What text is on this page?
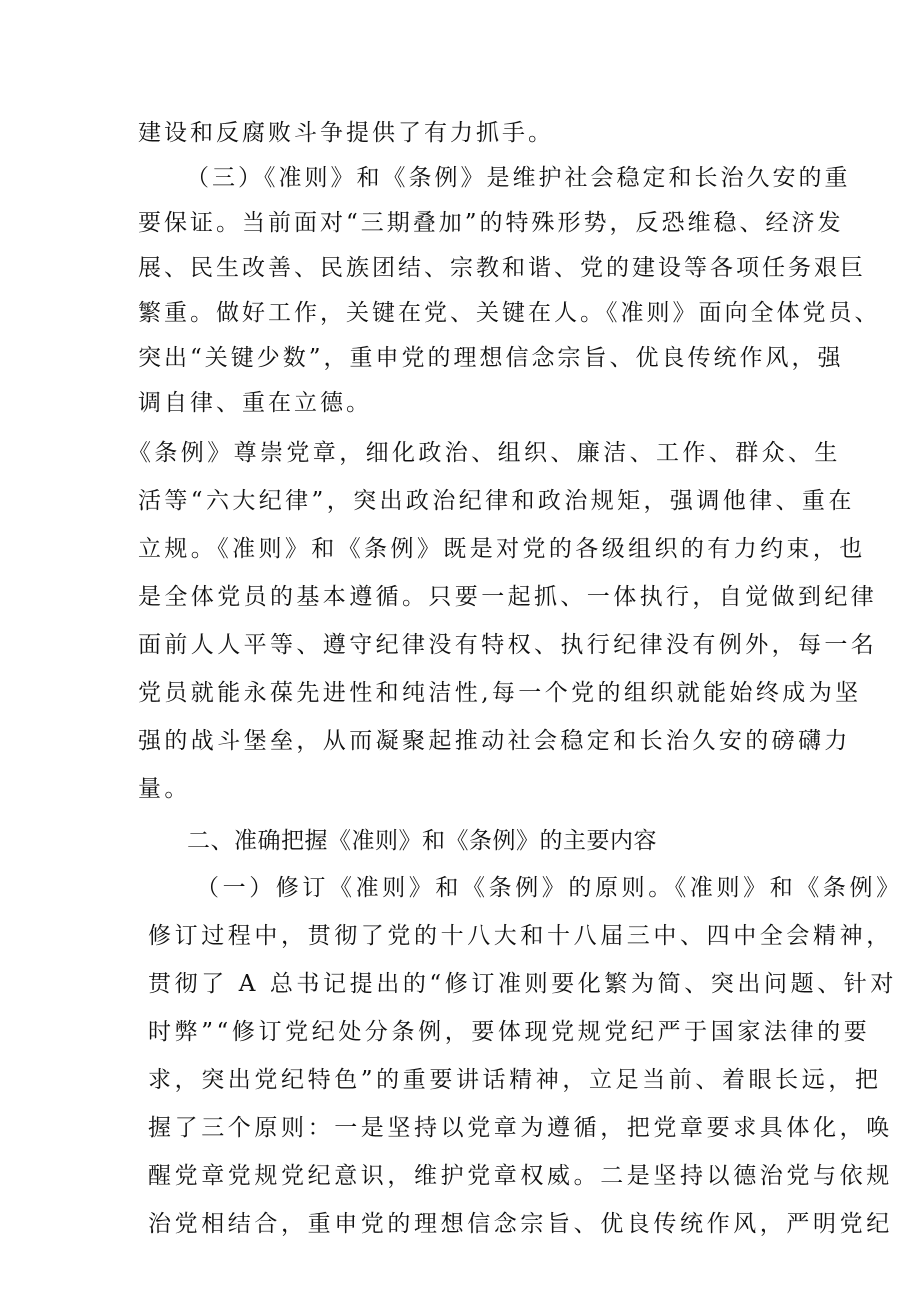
建设和反腐败斗争提供了有力抓手。
（三）《准则》和《条例》是维护社会稳定和长治久安的重
要保证。当前面对“三期叠加”的特殊形势，反恐维稳、经济发
展、民生改善、民族团结、宗教和谐、党的建设等各项任务艰巨
繁重。做好工作，关键在党、关键在人。《准则》面向全体党员、
突出“关键少数”，重申党的理想信念宗旨、优良传统作风，强
调自律、重在立德。
《条例》尊崇党章，细化政治、组织、廉洁、工作、群众、生
活等“六大纪律”，突出政治纪律和政治规矩，强调他律、重在
立规。《准则》和《条例》既是对党的各级组织的有力约束，也
是全体党员的基本遵循。只要一起抓、一体执行，自觉做到纪律
面前人人平等、遵守纪律没有特权、执行纪律没有例外，每一名
党员就能永葆先进性和纯洁性,每一个党的组织就能始终成为坚
强的战斗堡垒，从而凝聚起推动社会稳定和长治久安的磅礴力
量。
二、准确把握《准则》和《条例》的主要内容
（一）修订《准则》和《条例》的原则。《准则》和《条例》
修订过程中，贯彻了党的十八大和十八届三中、四中全会精神，
贯彻了 A 总书记提出的“修订准则要化繁为简、突出问题、针对
时弊”“修订党纪处分条例，要体现党规党纪严于国家法律的要
求，突出党纪特色”的重要讲话精神，立足当前、着眼长远，把
握了三个原则：一是坚持以党章为遵循，把党章要求具体化，唤
醒党章党规党纪意识，维护党章权威。二是坚持以德治党与依规
治党相结合，重申党的理想信念宗旨、优良传统作风，严明党纪
